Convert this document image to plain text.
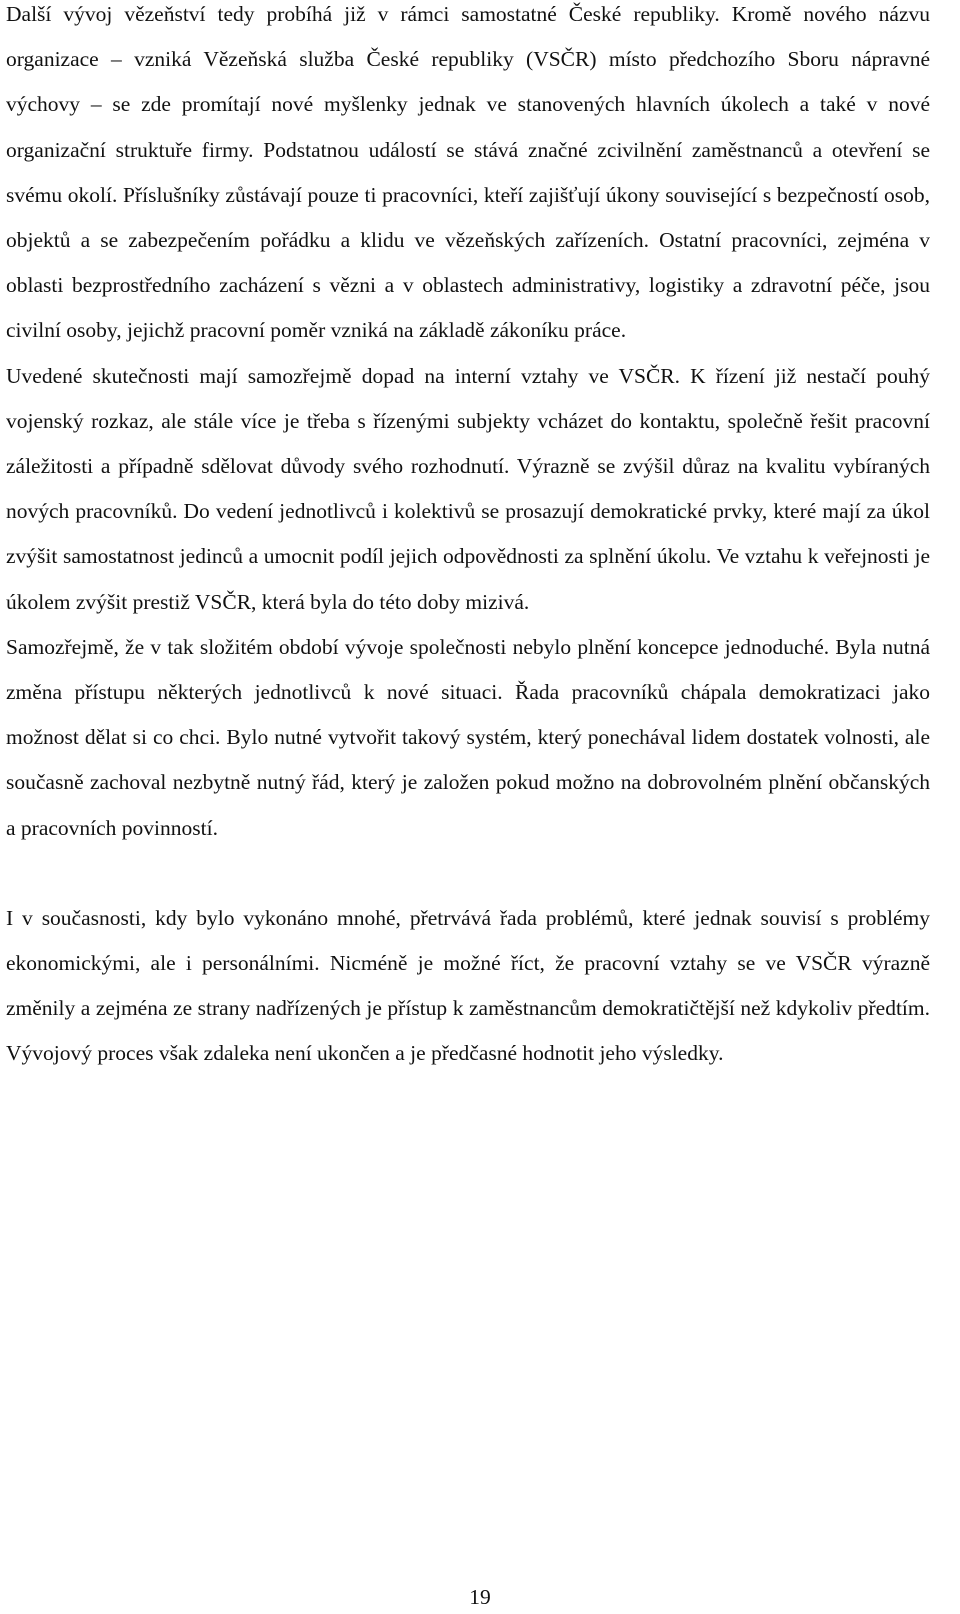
Další vývoj vězeňství tedy probíhá již v rámci samostatné České republiky. Kromě nového názvu organizace – vzniká Vězeňská služba České republiky (VSČR) místo předchozího Sboru nápravné výchovy – se zde promítají nové myšlenky jednak ve stanovených hlavních úkolech a také v nové organizační struktuře firmy. Podstatnou událostí se stává značné zcivilnění zaměstnanců a otevření se svému okolí. Příslušníky zůstávají pouze ti pracovníci, kteří zajišťují úkony související s bezpečností osob, objektů a se zabezpečením pořádku a klidu ve vězeňských zařízeních. Ostatní pracovníci, zejména v oblasti bezprostředního zacházení s vězni a v oblastech administrativy, logistiky a zdravotní péče, jsou civilní osoby, jejichž pracovní poměr vzniká na základě zákoníku práce.

Uvedené skutečnosti mají samozřejmě dopad na interní vztahy ve VSČR. K řízení již nestačí pouhý vojenský rozkaz, ale stále více je třeba s řízenými subjekty vcházet do kontaktu, společně řešit pracovní záležitosti a případně sdělovat důvody svého rozhodnutí. Výrazně se zvýšil důraz na kvalitu vybíraných nových pracovníků. Do vedení jednotlivců i kolektivů se prosazují demokratické prvky, které mají za úkol zvýšit samostatnost jedinců a umocnit podíl jejich odpovědnosti za splnění úkolu. Ve vztahu k veřejnosti je úkolem zvýšit prestiž VSČR, která byla do této doby mizivá.

Samozřejmě, že v tak složitém období vývoje společnosti nebylo plnění koncepce jednoduché. Byla nutná změna přístupu některých jednotlivců k nové situaci. Řada pracovníků chápala demokratizaci jako možnost dělat si co chci. Bylo nutné vytvořit takový systém, který ponechával lidem dostatek volnosti, ale současně zachoval nezbytně nutný řád, který je založen pokud možno na dobrovolném plnění občanských a pracovních povinností.

I v současnosti, kdy bylo vykonáno mnohé, přetrvává řada problémů, které jednak souvisí s problémy ekonomickými, ale i personálními. Nicméně je možné říct, že pracovní vztahy se ve VSČR výrazně změnily a zejména ze strany nadřízených je přístup k zaměstnancům demokratičtější než kdykoliv předtím. Vývojový proces však zdaleka není ukončen a je předčasné hodnotit jeho výsledky.

19
